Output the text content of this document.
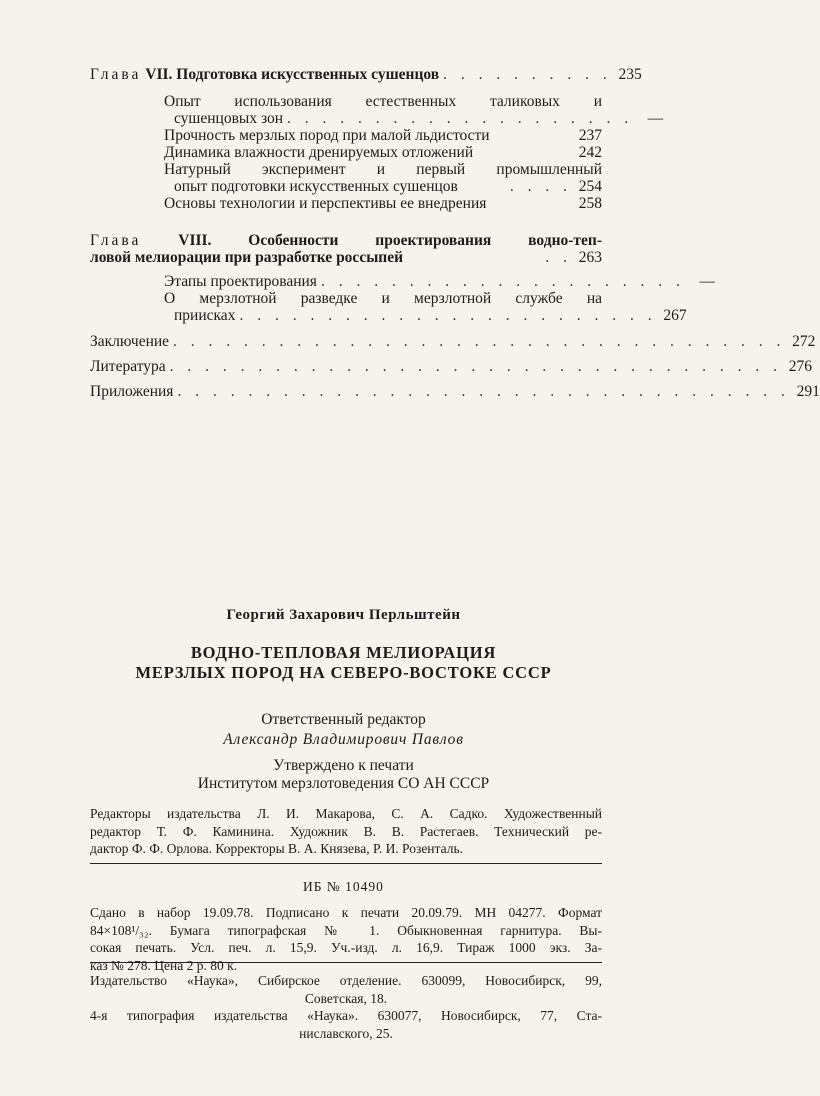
Глава VII. Подготовка искусственных сушенцов . . . . . . . . . . 235
Опыт использования естественных таликовых и
сушенцовых зон . . . . . . . . . . . . . . . . . . . . —
Прочность мерзлых пород при малой льдистости	237
Динамика влажности дренируемых отложений	242
Натурный эксперимент и первый промышленный
опыт подготовки искусственных сушенцов	. . . . 254
Основы технологии и перспективы ее внедрения	258
Глава VIII. Особенности проектирования водно-теп-
ловой мелиорации при разработке россыпей	. . 263
Этапы проектирования . . . . . . . . . . . . . . . . . . . . . —
О мерзлотной разведке и мерзлотной службе на
приисках . . . . . . . . . . . . . . . . . . . . . . . . 267
Заключение . . . . . . . . . . . . . . . . . . . . . . . . . . . . . . . . . . . 272
Литература . . . . . . . . . . . . . . . . . . . . . . . . . . . . . . . . . . . 276
Приложения . . . . . . . . . . . . . . . . . . . . . . . . . . . . . . . . . . . 291
Георгий Захарович Перльштейн
ВОДНО-ТЕПЛОВАЯ МЕЛИОРАЦИЯ
МЕРЗЛЫХ ПОРОД НА СЕВЕРО-ВОСТОКЕ СССР
Ответственный редактор
Александр Владимирович Павлов
Утверждено к печати
Институтом мерзлотоведения СО АН СССР
Редакторы издательства Л. И. Макарова, С. А. Садко. Художественный
редактор Т. Ф. Каминина. Художник В. В. Растегаев. Технический ре-
дактор Ф. Ф. Орлова. Корректоры В. А. Князева, Р. И. Розенталь.
ИБ № 10490
Сдано в набор 19.09.78. Подписано к печати 20.09.79. МН 04277. Формат
84×108¹/₃₂. Бумага типографская № 1. Обыкновенная гарнитура. Вы-
сокая печать. Усл. печ. л. 15,9. Уч.-изд. л. 16,9. Тираж 1000 экз. За-
каз № 278. Цена 2 р. 80 к.
Издательство «Наука», Сибирское отделение. 630099, Новосибирск, 99,
Советская, 18.
4-я типография издательства «Наука». 630077, Новосибирск, 77, Ста-
ниславского, 25.
